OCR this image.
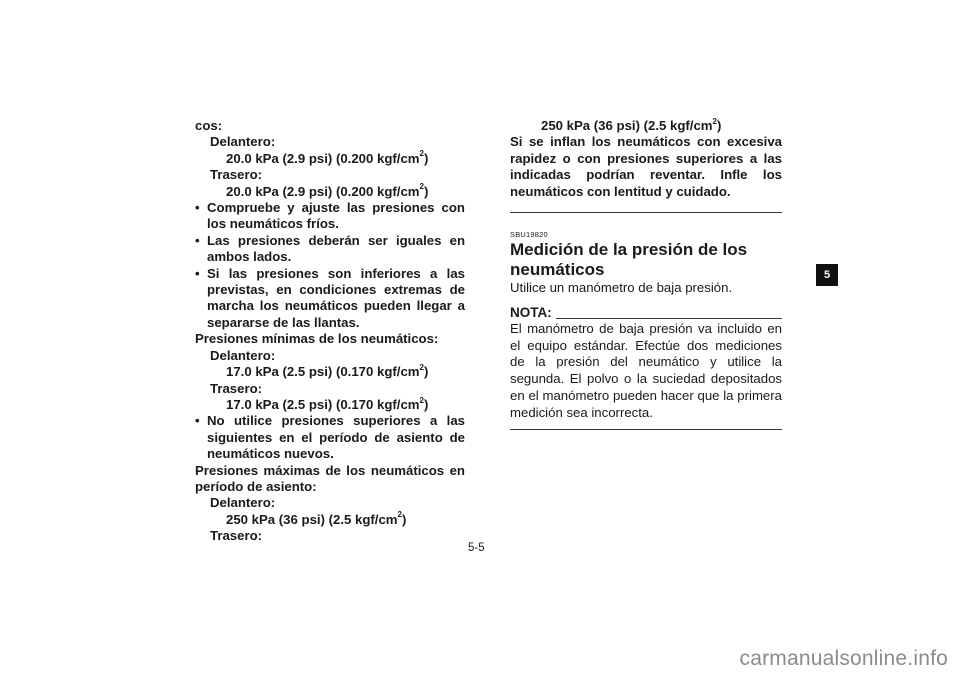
cos:
Delantero:
20.0 kPa (2.9 psi) (0.200 kgf/$cm^2$)
Trasero:
20.0 kPa (2.9 psi) (0.200 kgf/$cm^2$)
• Compruebe y ajuste las presiones con los neumáticos fríos.
• Las presiones deberán ser iguales en ambos lados.
• Si las presiones son inferiores a las previstas, en condiciones extremas de marcha los neumáticos pueden llegar a separarse de las llantas.
Presiones mínimas de los neumáticos:
Delantero:
17.0 kPa (2.5 psi) (0.170 kgf/$cm^2$)
Trasero:
17.0 kPa (2.5 psi) (0.170 kgf/$cm^2$)
• No utilice presiones superiores a las siguientes en el período de asiento de neumáticos nuevos.
Presiones máximas de los neumáticos en período de asiento:
Delantero:
250 kPa (36 psi) (2.5 kgf/$cm^2$)
Trasero:
250 kPa (36 psi) (2.5 kgf/$cm^2$)
Si se inflan los neumáticos con excesiva rapidez o con presiones superiores a las indicadas podrían reventar. Infle los neumáticos con lentitud y cuidado.
SBU19820
Medición de la presión de los neumáticos
Utilice un manómetro de baja presión.
NOTA:
El manómetro de baja presión va incluido en el equipo estándar. Efectúe dos mediciones de la presión del neumático y utilice la segunda. El polvo o la suciedad depositados en el manómetro pueden hacer que la primera medición sea incorrecta.
5
5-5
carmanualsonline.info
